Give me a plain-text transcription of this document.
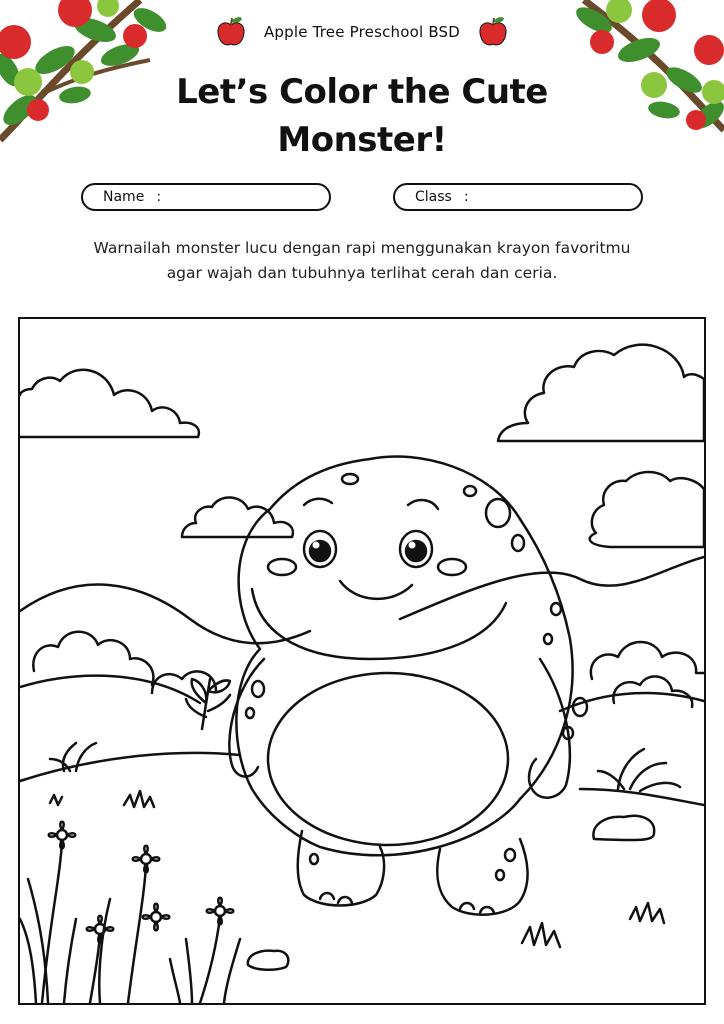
Apple Tree Preschool BSD
Let’s Color the Cute
Monster!
Name :	Class :
Warnailah monster lucu dengan rapi menggunakan krayon favoritmu
agar wajah dan tubuhnya terlihat cerah dan ceria.
